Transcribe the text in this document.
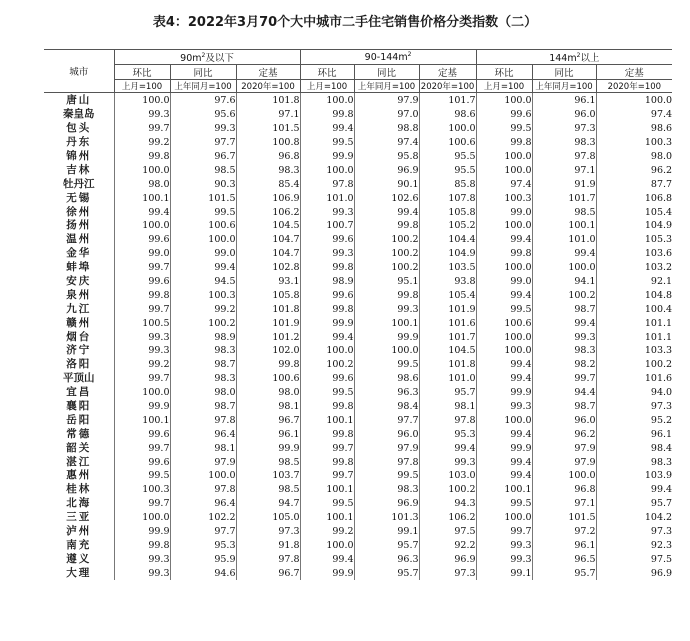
表4：2022年3月70个大中城市二手住宅销售价格分类指数（二）
城市	$90m^2$及以下			$90-144m^2$			$144m^2$以上		
	环比	同比	定基	环比	同比	定基	环比	同比	定基
	上月=100	上年同月=100	2020年=100	上月=100	上年同月=100	2020年=100	上月=100	上年同月=100	2020年=100
唐山	100.0	97.6	101.8	100.0	97.9	101.7	100.0	96.1	100.0
秦皇岛	99.3	95.6	97.1	99.8	97.0	98.6	99.6	96.0	97.4
包头	99.7	99.3	101.5	99.4	98.8	100.0	99.5	97.3	98.6
丹东	99.2	97.7	100.8	99.5	97.4	100.6	99.8	98.3	100.3
锦州	99.8	96.7	96.8	99.9	95.8	95.5	100.0	97.8	98.0
吉林	100.0	98.5	98.3	100.0	96.9	95.5	100.0	97.1	96.2
牡丹江	98.0	90.3	85.4	97.8	90.1	85.8	97.4	91.9	87.7
无锡	100.1	101.5	106.9	101.0	102.6	107.8	100.3	101.7	106.8
徐州	99.4	99.5	106.2	99.3	99.4	105.8	99.0	98.5	105.4
扬州	100.0	100.6	104.5	100.7	99.8	105.2	100.0	100.1	104.9
温州	99.6	100.0	104.7	99.6	100.2	104.4	99.4	101.0	105.3
金华	99.0	99.0	104.7	99.3	100.2	104.9	99.8	99.4	103.6
蚌埠	99.7	99.4	102.8	99.8	100.2	103.5	100.0	100.0	103.2
安庆	99.6	94.5	93.1	98.9	95.1	93.8	99.0	94.1	92.1
泉州	99.8	100.3	105.8	99.6	99.8	105.4	99.4	100.2	104.8
九江	99.7	99.2	101.8	99.8	99.3	101.9	99.5	98.7	100.4
赣州	100.5	100.2	101.9	99.9	100.1	101.6	100.6	99.4	101.1
烟台	99.3	98.9	101.2	99.4	99.9	101.7	100.0	99.3	101.1
济宁	99.3	98.3	102.0	100.0	100.0	104.5	100.0	98.3	103.3
洛阳	99.2	98.7	99.8	100.2	99.5	101.8	99.4	98.2	100.2
平顶山	99.7	98.3	100.6	99.6	98.6	101.0	99.4	99.7	101.6
宜昌	100.0	98.0	98.0	99.5	96.3	95.7	99.9	94.4	94.0
襄阳	99.9	98.7	98.1	99.8	98.4	98.1	99.3	98.7	97.3
岳阳	100.1	97.8	96.7	100.1	97.7	97.8	100.0	96.0	95.2
常德	99.6	96.4	96.1	99.8	96.0	95.3	99.4	96.2	96.1
韶关	99.7	98.1	99.9	99.7	97.9	99.4	99.9	97.9	98.4
湛江	99.6	97.9	98.5	99.8	97.8	99.3	99.4	97.9	98.3
惠州	99.5	100.0	103.7	99.7	99.5	103.0	99.4	100.0	103.9
桂林	100.3	97.8	98.5	100.1	98.3	100.2	100.1	96.8	99.4
北海	99.7	96.4	94.7	99.5	96.9	94.3	99.5	97.1	95.7
三亚	100.0	102.2	105.0	100.1	101.3	106.2	100.0	101.5	104.2
泸州	99.9	97.7	97.3	99.2	99.1	97.5	99.7	97.2	97.3
南充	99.8	95.3	91.8	100.0	95.7	92.2	99.3	96.1	92.3
遵义	99.3	95.9	97.8	99.4	96.3	96.9	99.3	96.5	97.5
大理	99.3	94.6	96.7	99.9	95.7	97.3	99.1	95.7	96.9
